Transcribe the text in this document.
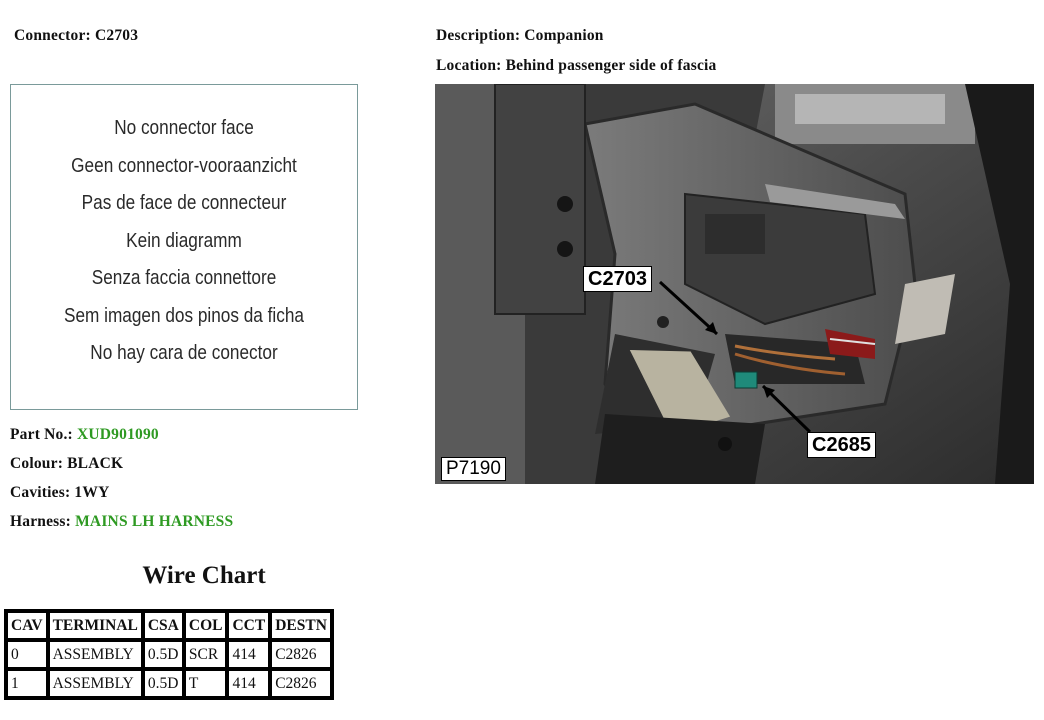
Connector: C2703	Description: Companion
Location: Behind passenger side of fascia
No connector face
Geen connector-vooraanzicht
Pas de face de connecteur
Kein diagramm
Senza faccia connettore
Sem imagen dos pinos da ficha
No hay cara de conector
C2703
C2685
P7190
Part No.: XUD901090
Colour: BLACK
Cavities: 1WY
Harness: MAINS LH HARNESS
Wire Chart
CAV	TERMINAL	CSA	COL	CCT	DESTN
0	ASSEMBLY	0.5D	SCR	414	C2826
1	ASSEMBLY	0.5D	T	414	C2826
